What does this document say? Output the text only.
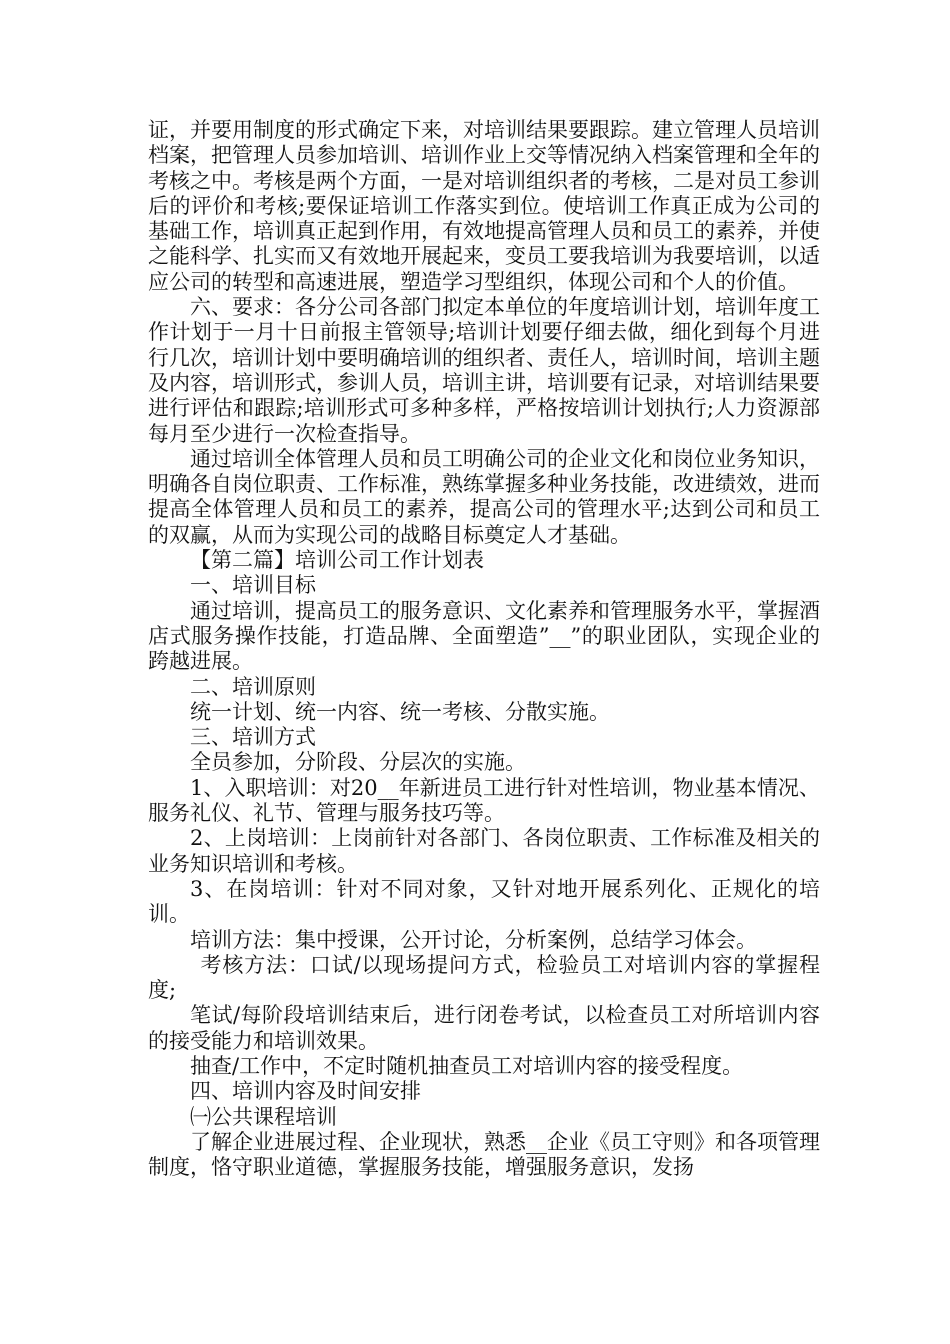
证，并要用制度的形式确定下来，对培训结果要跟踪。建立管理人员培训档案，把管理人员参加培训、培训作业上交等情况纳入档案管理和全年的考核之中。考核是两个方面，一是对培训组织者的考核，二是对员工参训后的评价和考核;要保证培训工作落实到位。使培训工作真正成为公司的基础工作，培训真正起到作用，有效地提高管理人员和员工的素养，并使之能科学、扎实而又有效地开展起来，变员工要我培训为我要培训，以适应公司的转型和高速进展，塑造学习型组织，体现公司和个人的价值。

六、要求：各分公司各部门拟定本单位的年度培训计划，培训年度工作计划于一月十日前报主管领导;培训计划要仔细去做，细化到每个月进行几次，培训计划中要明确培训的组织者、责任人，培训时间，培训主题及内容，培训形式，参训人员，培训主讲，培训要有记录，对培训结果要进行评估和跟踪;培训形式可多种多样，严格按培训计划执行;人力资源部每月至少进行一次检查指导。

通过培训全体管理人员和员工明确公司的企业文化和岗位业务知识，明确各自岗位职责、工作标准，熟练掌握多种业务技能，改进绩效，进而提高全体管理人员和员工的素养，提高公司的管理水平;达到公司和员工的双赢，从而为实现公司的战略目标奠定人才基础。

【第二篇】培训公司工作计划表

一、培训目标

通过培训，提高员工的服务意识、文化素养和管理服务水平，掌握酒店式服务操作技能，打造品牌、全面塑造”__”的职业团队，实现企业的跨越进展。

二、培训原则

统一计划、统一内容、统一考核、分散实施。

三、培训方式

全员参加，分阶段、分层次的实施。

1、入职培训：对20__年新进员工进行针对性培训，物业基本情况、服务礼仪、礼节、管理与服务技巧等。

2、上岗培训：上岗前针对各部门、各岗位职责、工作标准及相关的业务知识培训和考核。

3、在岗培训：针对不同对象，又针对地开展系列化、正规化的培训。

培训方法：集中授课，公开讨论，分析案例，总结学习体会。

考核方法：口试/以现场提问方式，检验员工对培训内容的掌握程度;

笔试/每阶段培训结束后，进行闭卷考试，以检查员工对所培训内容的接受能力和培训效果。

抽查/工作中，不定时随机抽查员工对培训内容的接受程度。

四、培训内容及时间安排

㈠公共课程培训

了解企业进展过程、企业现状，熟悉__企业《员工守则》和各项管理制度，恪守职业道德，掌握服务技能，增强服务意识，发扬
